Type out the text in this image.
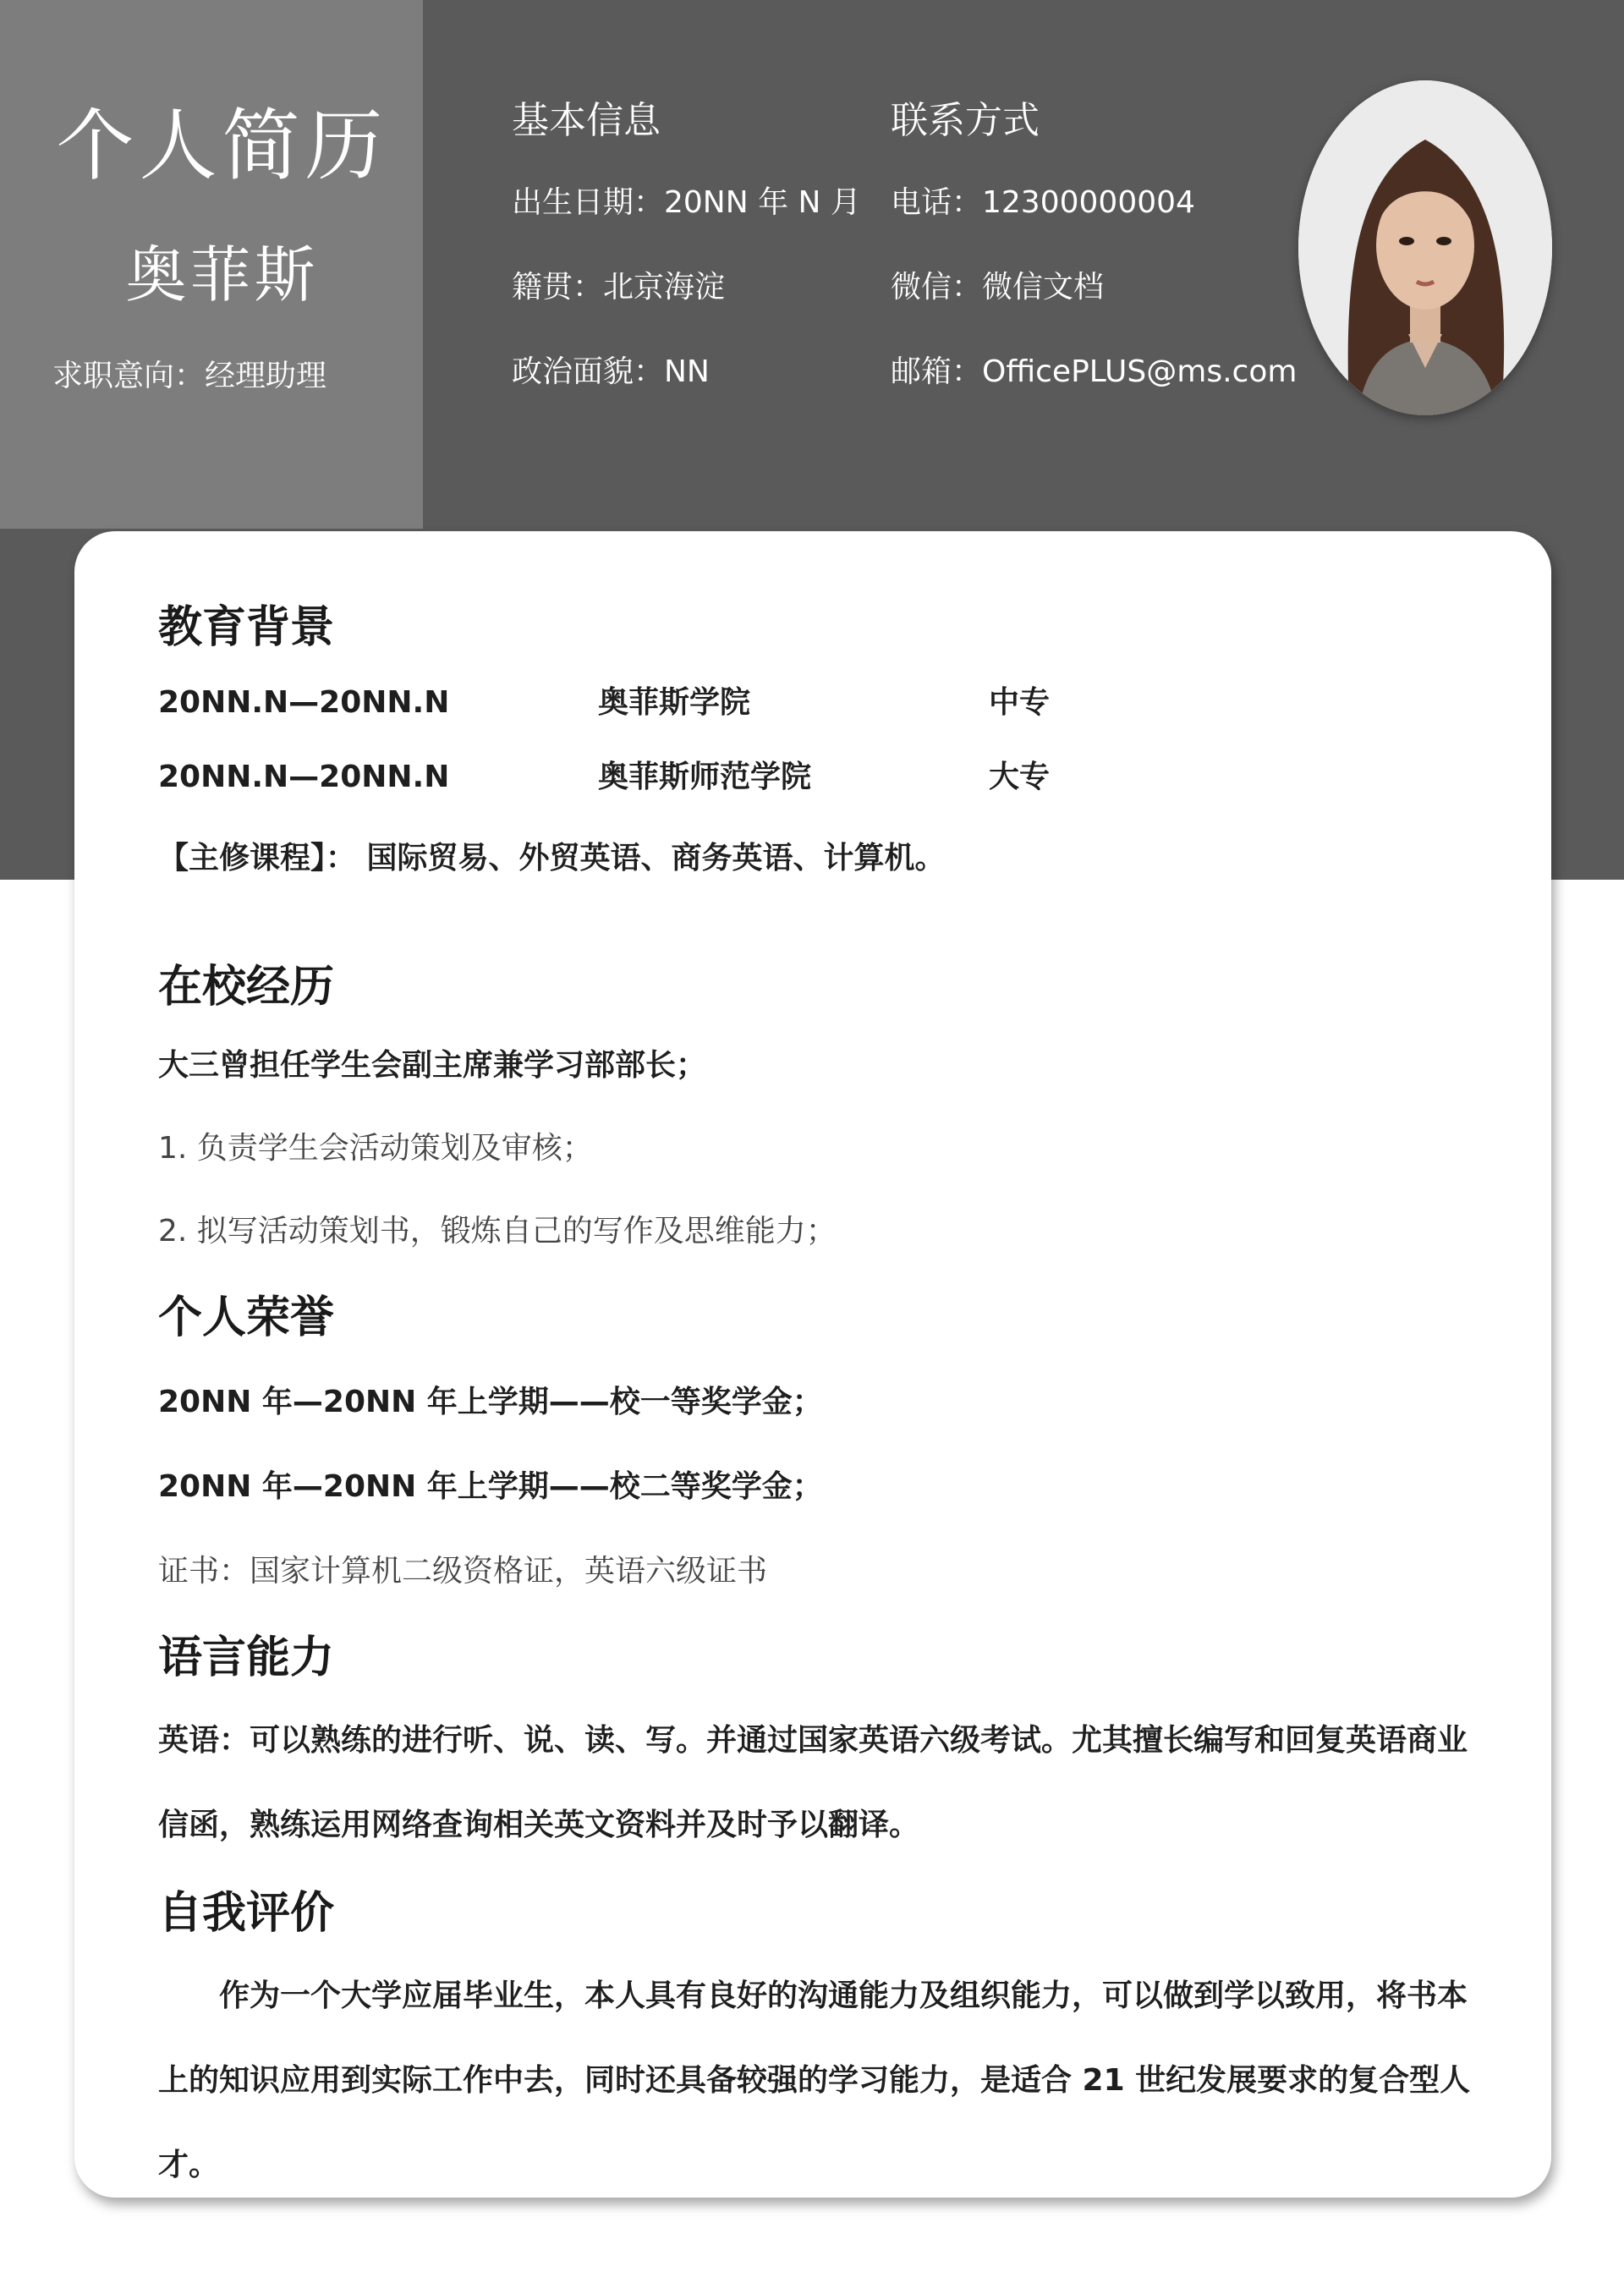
个人简历
奥菲斯
求职意向：经理助理
基本信息
出生日期：20NN 年 N 月
籍贯：北京海淀
政治面貌：NN
联系方式
电话：12300000004
微信：微信文档
邮箱：OfficePLUS@ms.com
教育背景
20NN.N—20NN.N	奥菲斯学院	中专
20NN.N—20NN.N	奥菲斯师范学院	大专
【主修课程】： 国际贸易、外贸英语、商务英语、计算机。
在校经历
大三曾担任学生会副主席兼学习部部长；
1. 负责学生会活动策划及审核；
2. 拟写活动策划书，锻炼自己的写作及思维能力；
个人荣誉
20NN 年—20NN 年上学期——校一等奖学金；
20NN 年—20NN 年上学期——校二等奖学金；
证书：国家计算机二级资格证，英语六级证书
语言能力
英语：可以熟练的进行听、说、读、写。并通过国家英语六级考试。尤其擅长编写和回复英语商业信函，熟练运用网络查询相关英文资料并及时予以翻译。
自我评价
作为一个大学应届毕业生，本人具有良好的沟通能力及组织能力，可以做到学以致用，将书本上的知识应用到实际工作中去，同时还具备较强的学习能力，是适合 21 世纪发展要求的复合型人才。
